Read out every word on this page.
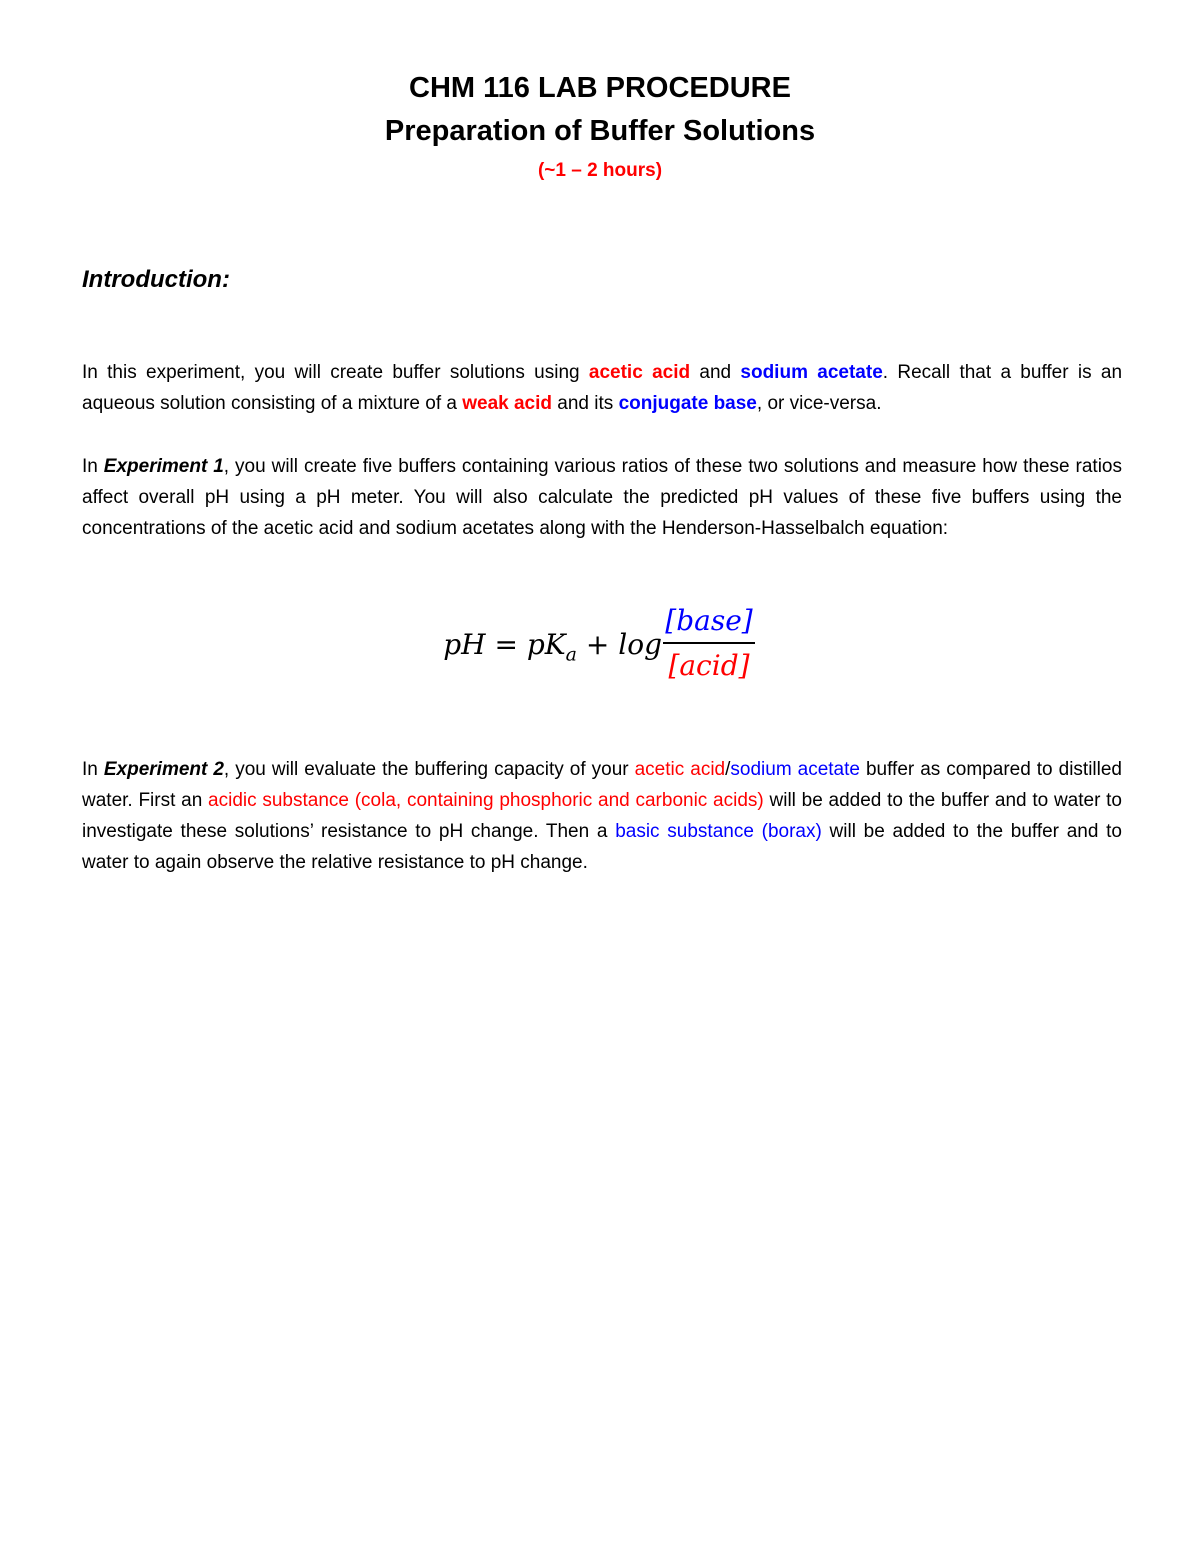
CHM 116 LAB PROCEDURE
Preparation of Buffer Solutions
(~1 – 2 hours)
Introduction:

In this experiment, you will create buffer solutions using acetic acid and sodium acetate. Recall that a buffer is an aqueous solution consisting of a mixture of a weak acid and its conjugate base, or vice-versa.

In Experiment 1, you will create five buffers containing various ratios of these two solutions and measure how these ratios affect overall pH using a pH meter. You will also calculate the predicted pH values of these five buffers using the concentrations of the acetic acid and sodium acetates along with the Henderson-Hasselbalch equation:

pH = $pK_a + \log$
[base]
[acid]

In Experiment 2, you will evaluate the buffering capacity of your acetic acid/sodium acetate buffer as compared to distilled water. First an acidic substance (cola, containing phosphoric and carbonic acids) will be added to the buffer and to water to investigate these solutions’ resistance to pH change. Then a basic substance (borax) will be added to the buffer and to water to again observe the relative resistance to pH change.
